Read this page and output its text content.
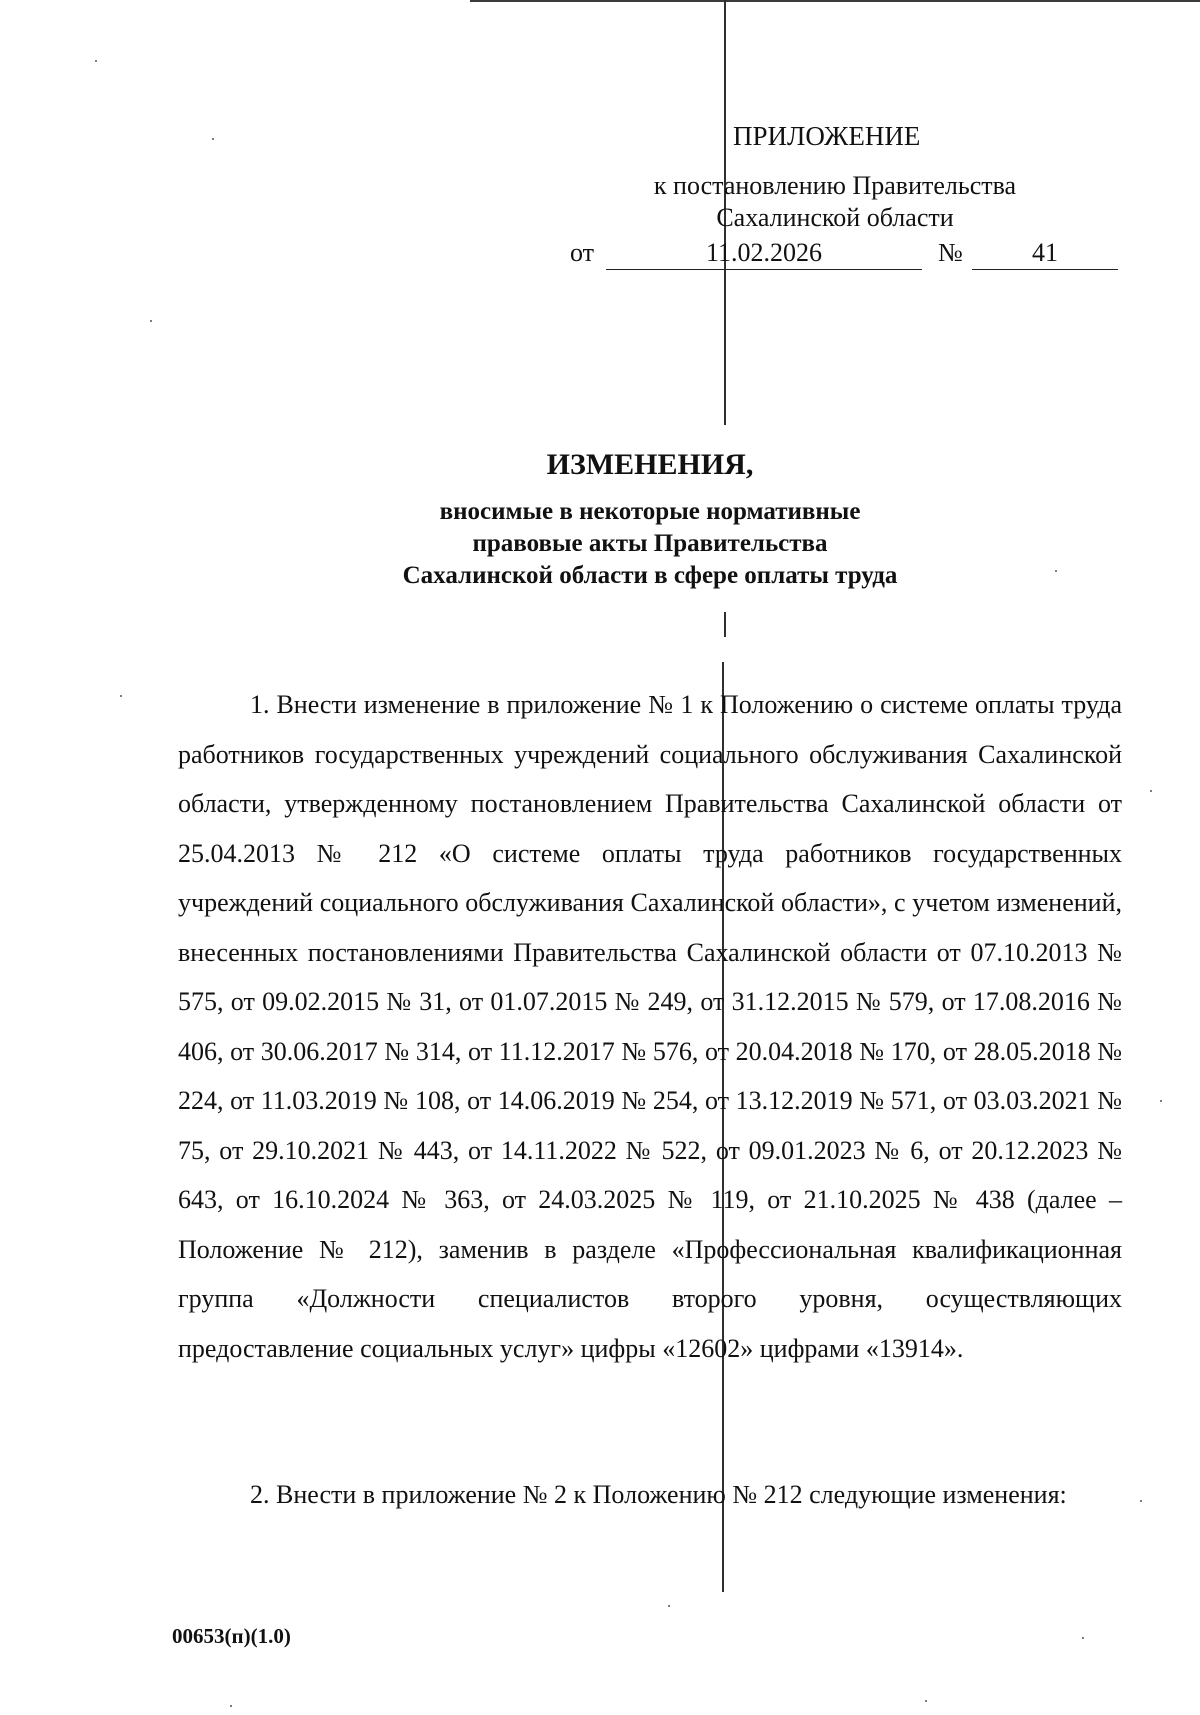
ПРИЛОЖЕНИЕ
к постановлению Правительства
Сахалинской области
от	11.02.2026	№	41
ИЗМЕНЕНИЯ,
вносимые в некоторые нормативные
правовые акты Правительства
Сахалинской области в сфере оплаты труда

1. Внести изменение в приложение № 1 к Положению о системе оплаты труда работников государственных учреждений социального обслуживания Сахалинской области, утвержденному постановлением Правительства Сахалинской области от 25.04.2013 № 212 «О системе оплаты труда работников государственных учреждений социального обслуживания Сахалинской области», с учетом изменений, внесенных постановлениями Правительства Сахалинской области от 07.10.2013 № 575, от 09.02.2015 № 31, от 01.07.2015 № 249, от 31.12.2015 № 579, от 17.08.2016 № 406, от 30.06.2017 № 314, от 11.12.2017 № 576, от 20.04.2018 № 170, от 28.05.2018 № 224, от 11.03.2019 № 108, от 14.06.2019 № 254, от 13.12.2019 № 571, от 03.03.2021 № 75, от 29.10.2021 № 443, от 14.11.2022 № 522, от 09.01.2023 № 6, от 20.12.2023 № 643, от 16.10.2024 № 363, от 24.03.2025 № 119, от 21.10.2025 № 438 (далее – Положение № 212), заменив в разделе «Профессиональная квалификационная группа «Должности специалистов второго уровня, осуществляющих предоставление социальных услуг» цифры «12602» цифрами «13914».

2. Внести в приложение № 2 к Положению № 212 следующие изменения:

00653(п)(1.0)
